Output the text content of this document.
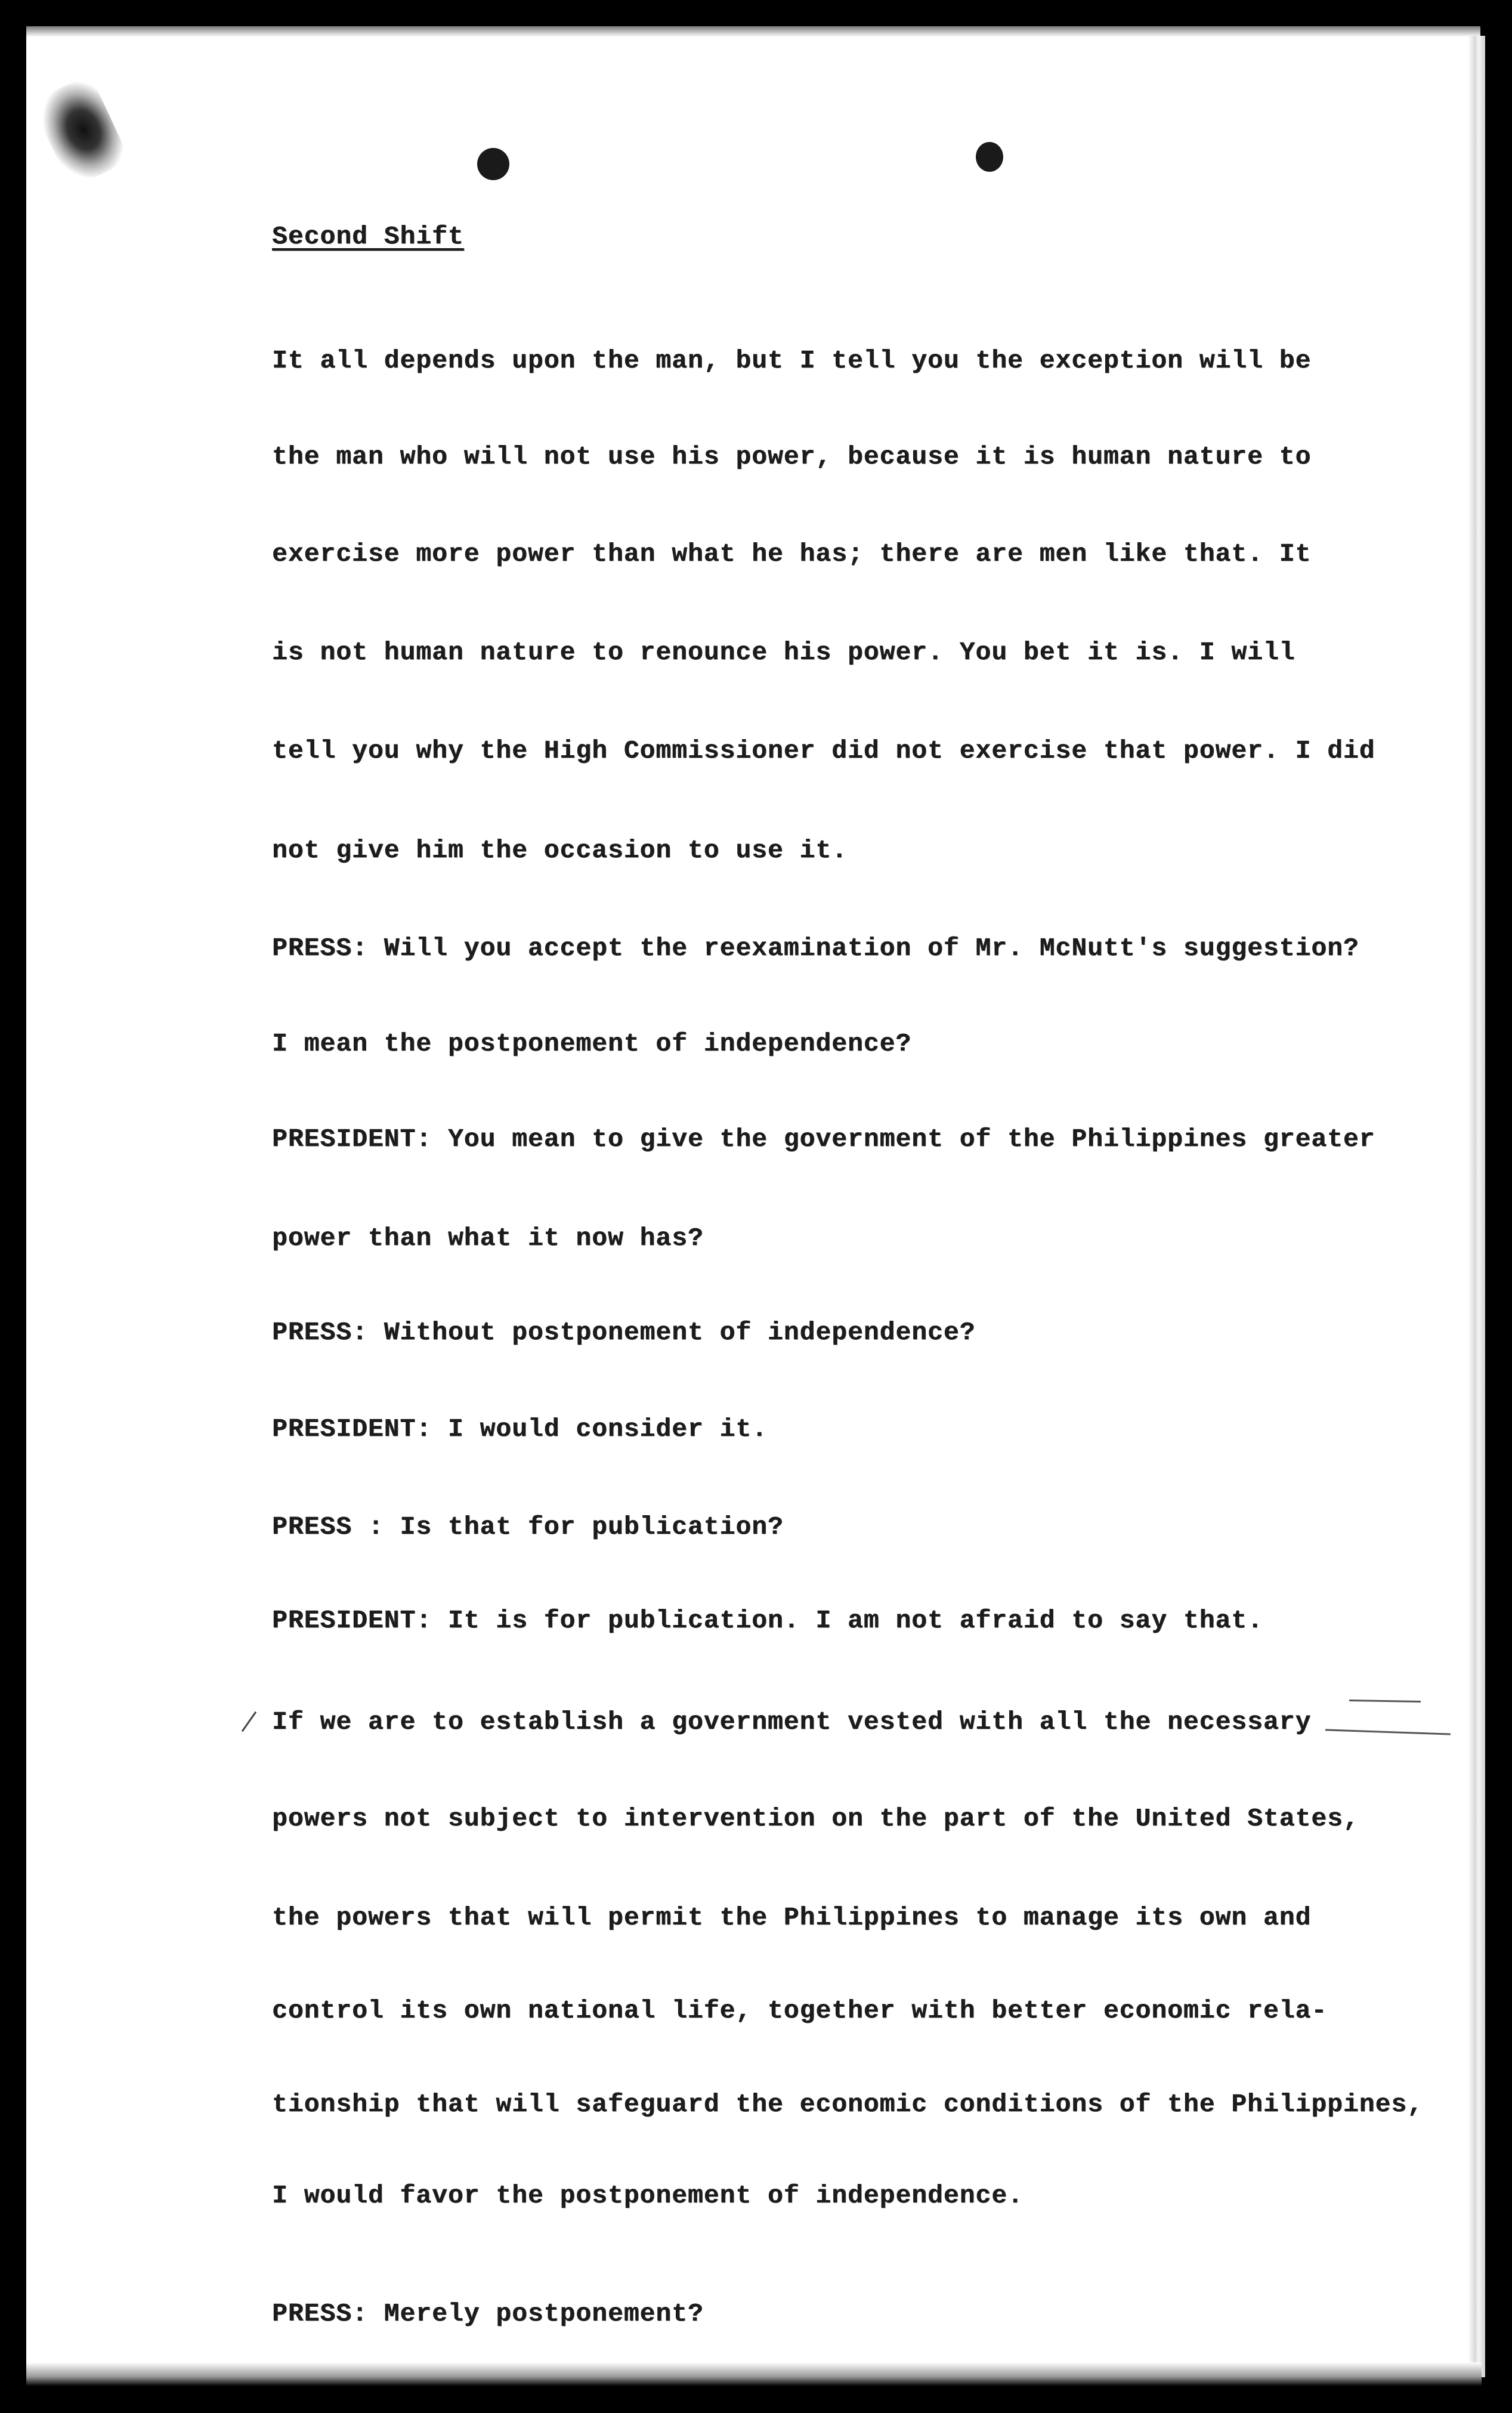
Second Shift

It all depends upon the man, but I tell you the exception will be

the man who will not use his power, because it is human nature to

exercise more power than what he has; there are men like that. It

is not human nature to renounce his power. You bet it is. I will

tell you why the High Commissioner did not exercise that power. I did

not give him the occasion to use it.

PRESS: Will you accept the reexamination of Mr. McNutt's suggestion?

I mean the postponement of independence?

PRESIDENT: You mean to give the government of the Philippines greater

power than what it now has?

PRESS: Without postponement of independence?

PRESIDENT: I would consider it.

PRESS : Is that for publication?

PRESIDENT: It is for publication. I am not afraid to say that.

If we are to establish a government vested with all the necessary

powers not subject to intervention on the part of the United States,

the powers that will permit the Philippines to manage its own and

control its own national life, together with better economic rela-

tionship that will safeguard the economic conditions of the Philippines,

I would favor the postponement of independence.

PRESS: Merely postponement?
